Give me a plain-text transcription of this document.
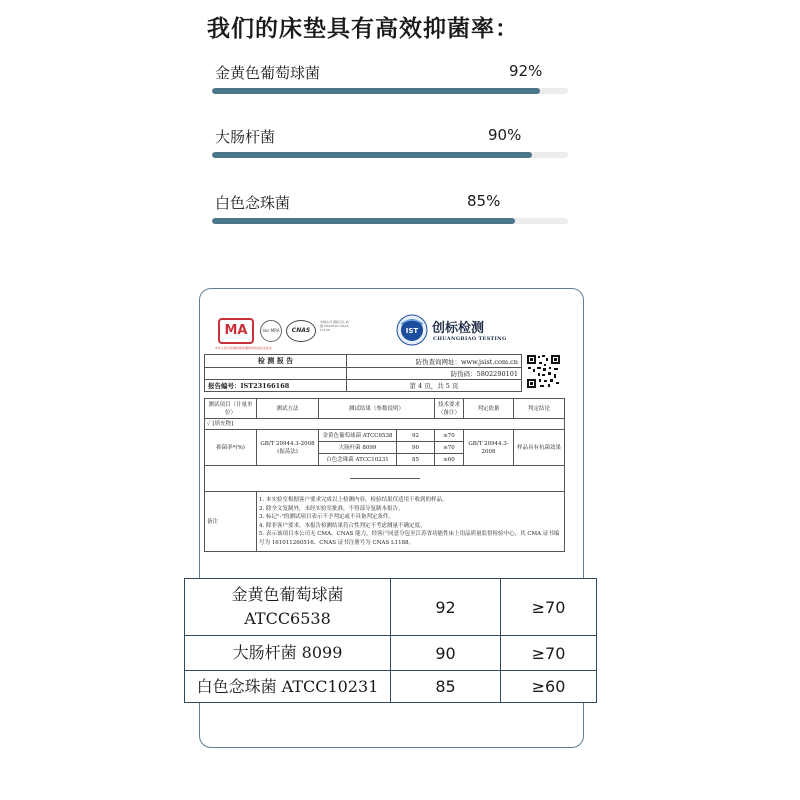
我们的床垫具有高效抑菌率：
金黄色葡萄球菌	92%
大肠杆菌	90%
白色念珠菌	85%
MA
中华人民共和国检验检测机构资质认定标志
ilac-MRA	CNAS
中国认可 国际互认 检测 TESTING CNAS L1188	IST 创标检测
CHUANGBIAO TESTING
检 测 报 告	防伪查询网址：www.jsist.com.cn
	防伪码：5802290101
报告编号：IST23166168	第 4 页，共 5 页
测试项目（计量单位）	测试方法	测试结果（参数说明）		技术要求（备注）	判定依据	判定结论
✓ [填充物]						
抑菌率*(%)	GB/T 20944.3-2008 (振荡法)	金黄色葡萄球菌 ATCC6538	92	≥70	GB/T 20944.3-2008	样品具有抗菌效果
		大肠杆菌 8099	90	≥70		
		白色念珠菌 ATCC10231	85	≥60		

备注	1. 本实验室根据客户要求完成以上检测内容，检验结果仅适用于收到的样品。
2. 除全文复制外，未经实验室批准，不得部分复制本报告。
3. 标记"-"的测试项目表示不予判定或不具备判定条件。
4. 除非客户要求，本报告检测结果符合性判定不考虑测量不确定度。
5. 表示该项目本公司无 CMA、CNAS 能力，经客户同意分包至江苏省功能性床上用品质量监督检验中心，其 CMA 证书编号为 161011260516、CNAS 证书注册号为 CNAS L1188。					
金黄色葡萄球菌
ATCC6538	92	≥70
大肠杆菌 8099	90	≥70
白色念珠菌 ATCC10231	85	≥60
